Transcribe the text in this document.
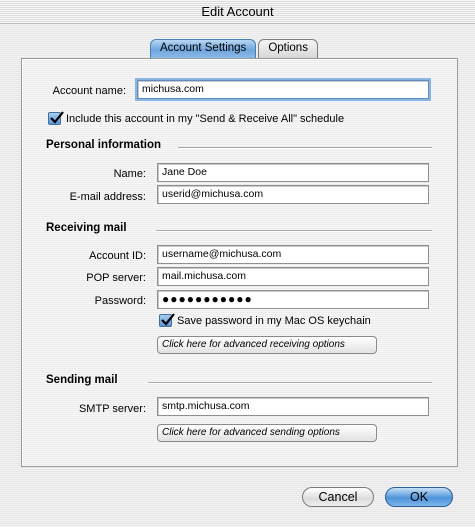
Edit Account
Account Settings	Options
Account name:	michusa.com
Include this account in my "Send & Receive All" schedule
Personal information
Name:	Jane Doe
E-mail address:	userid@michusa.com
Receiving mail
Account ID:	username@michusa.com
POP server:	mail.michusa.com
Password:	●●●●●●●●●●●
Save password in my Mac OS keychain
Click here for advanced receiving options
Sending mail
SMTP server:	smtp.michusa.com
Click here for advanced sending options
Cancel	OK
